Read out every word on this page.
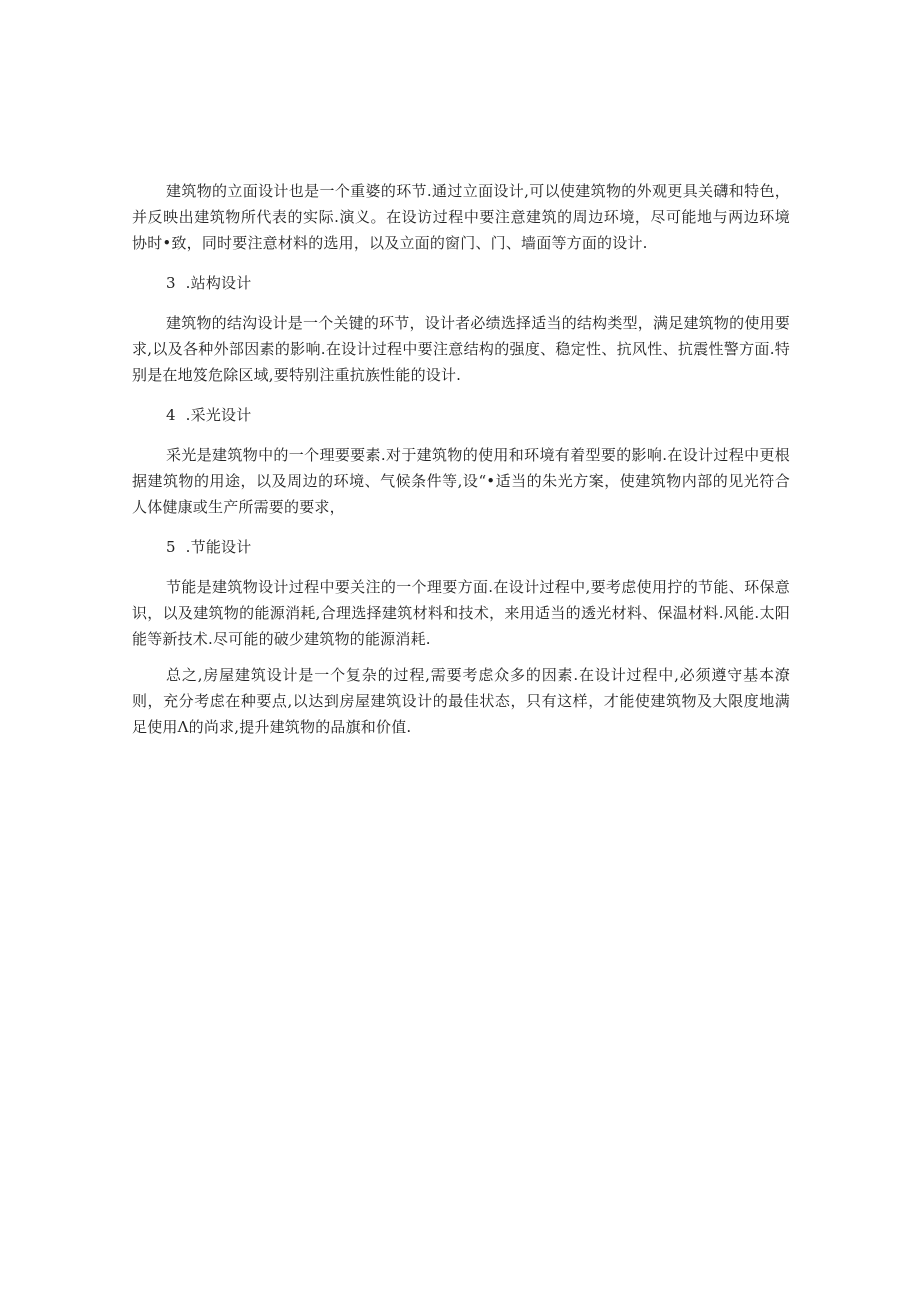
建筑物的立面设计也是一个重婆的环节.通过立面设计,可以使建筑物的外观更具关礴和特色，并反映出建筑物所代表的实际.演义。在设访过程中要注意建筑的周边环境，尽可能地与两边环境协时•致，同时要注意材料的选用，以及立面的窗门、门、墙面等方面的设计.

3  .站构设计

建筑物的结沟设计是一个关键的环节，设计者必绩选择适当的结构类型，满足建筑物的使用要求,以及各种外部因素的影响.在设计过程中要注意结构的强度、稳定性、抗风性、抗震性警方面.特别是在地笈危除区域,要特别注重抗族性能的设计.

4  .采光设计

采光是建筑物中的一个理要要素.对于建筑物的使用和环境有着型要的影响.在设计过程中更根据建筑物的用途，以及周边的环境、气候条件等,设“•适当的朱光方案，使建筑物内部的见光符合人体健康或生产所需要的要求，

5  .节能设计

节能是建筑物设计过程中要关注的一个理要方面.在设计过程中,要考虑使用拧的节能、环保意识，以及建筑物的能源消耗,合理选择建筑材料和技术，来用适当的透光材料、保温材料.风能.太阳能等新技术.尽可能的破少建筑物的能源消耗.

总之,房屋建筑设计是一个复杂的过程,需要考虑众多的因素.在设计过程中,必须遵守基本潦则，充分考虑在种要点,以达到房屋建筑设计的最佳状态，只有这样，才能使建筑物及大限度地满足使用Λ的尚求,提升建筑物的品旗和价值.
